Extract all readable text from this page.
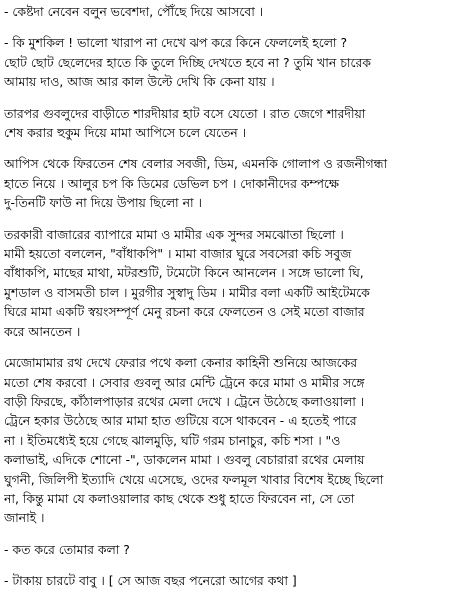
- কেষ্টদা নেবেন বলুন ভবেশদা, পৌঁছে দিয়ে আসবো ।
- কি মুশকিল ! ভালো খারাপ না দেখে ঝপ করে কিনে ফেললেই হলো ?
ছোট ছোট ছেলেদের হাতে কি তুলে দিচ্ছি দেখতে হবে না ? তুমি খান চারেক
আমায় দাও, আজ আর কাল উল্টে দেখি কি কেনা যায় ।
তারপর গুবলুদের বাড়ীতে শারদীয়ার হাট বসে যেতো । রাত জেগে শারদীয়া
শেষ করার হুকুম দিয়ে মামা আপিসে চলে যেতেন ।
আপিস থেকে ফিরতেন শেষ বেলার সবজী, ডিম, এমনকি গোলাপ ও রজনীগন্ধা
হাতে নিয়ে । আলুর চপ কি ডিমের ডেভিল চপ । দোকানীদের কম্পক্ষে
দু-তিনটি ফাউ না দিয়ে উপায় ছিলো না ।
তরকারী বাজারের ব্যাপারে মামা ও মামীর এক সুন্দর সমঝোতা ছিলো ।
মামী হয়তো বললেন, "বাঁধাকপি" । মামা বাজার ঘুরে সবসেরা কচি সবুজ
বাঁধাকপি, মাছের মাথা, মটরশুটি, টমেটো কিনে আনলেন । সঙ্গে ভালো ঘি,
মুশডাল ও বাসমতী চাল । মুরগীর সুস্বাদু ডিম । মামীর বলা একটি আইটেমকে
ঘিরে মামা একটি স্বয়ংসম্পূর্ণ মেনু রচনা করে ফেলতেন ও সেই মতো বাজার
করে আনতেন ।
মেজোমামার রথ দেখে ফেরার পথে কলা কেনার কাহিনী শুনিয়ে আজকের
মতো শেষ করবো । সেবার গুবলু আর মেন্টি ট্রেনে করে মামা ও মামীর সঙ্গে
বাড়ী ফিরছে, কাঁঠালপাড়ার রথের মেলা দেখে । ট্রেনে উঠেছে কলাওয়ালা ।
ট্রেনে হকার উঠেছে আর মামা হাত গুটিয়ে বসে থাকবেন - এ হতেই পারে
না । ইতিমধ্যেই হয়ে গেছে ঝালমুড়ি, ঘটি গরম চানাচুর, কচি শসা । "ও
কলাভাই, এদিকে শোনো -", ডাকলেন মামা । গুবলু বেচারারা রথের মেলায়
ঘুগনী, জিলিপী ইত্যাদি খেয়ে এসেছে, ওদের ফলমূল খাবার বিশেষ ইচ্ছে ছিলো
না, কিন্তু মামা যে কলাওয়ালার কাছ থেকে শুধু হাতে ফিরবেন না, সে তো
জানাই ।
- কত করে তোমার কলা ?
- টাকায় চারটে বাবু । [ সে আজ বছর পনেরো আগের কথা ]
